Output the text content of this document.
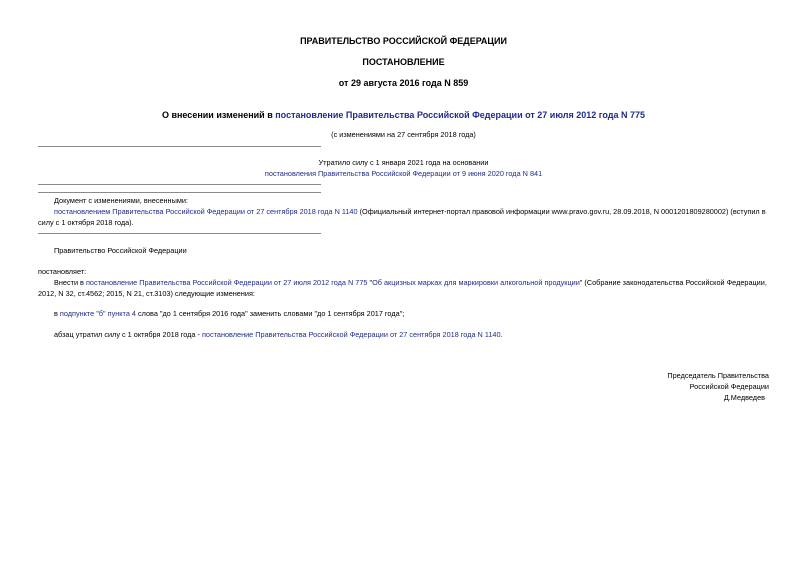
ПРАВИТЕЛЬСТВО РОССИЙСКОЙ ФЕДЕРАЦИИ
ПОСТАНОВЛЕНИЕ
от 29 августа 2016 года N 859
О внесении изменений в постановление Правительства Российской Федерации от 27 июля 2012 года N 775
(с изменениями на 27 сентября 2018 года)
Утратило силу с 1 января 2021 года на основании
постановления Правительства Российской Федерации от 9 июня 2020 года N 841
Документ с изменениями, внесенными:
постановлением Правительства Российской Федерации от 27 сентября 2018 года N 1140 (Официальный интернет-портал правовой информации www.pravo.gov.ru, 28.09.2018, N 0001201809280002) (вступил в
силу с 1 октября 2018 года).
Правительство Российской Федерации
постановляет:
Внести в постановление Правительства Российской Федерации от 27 июля 2012 года N 775 "Об акцизных марках для маркировки алкогольной продукции" (Собрание законодательства Российской Федерации,
2012, N 32, ст.4562; 2015, N 21, ст.3103) следующие изменения:
в подпункте "б" пункта 4 слова "до 1 сентября 2016 года" заменить словами "до 1 сентября 2017 года";
абзац утратил силу с 1 октября 2018 года - постановление Правительства Российской Федерации от 27 сентября 2018 года N 1140.
Председатель Правительства
Российской Федерации
Д.Медведев
